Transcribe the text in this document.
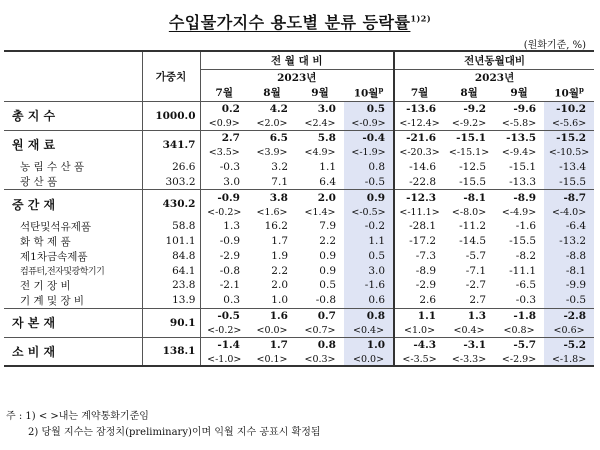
수입물가지수 용도별 분류 등락률$^{1)2)}$
(원화기준, %)
	가중치	전 월 대 비				전년동월대비			
		2023년				2023년			
		7월	8월	9월	10월$^p$	7월	8월	9월	10월$^p$
총 지 수	1000.0	0.2	4.2	3.0	0.5	-13.6	-9.2	-9.6	-10.2
		<0.9>	<2.0>	<2.4>	<-0.9>	<-12.4>	<-9.2>	<-5.8>	<-5.6>
원 재 료	341.7	2.7	6.5	5.8	-0.4	-21.6	-15.1	-13.5	-15.2
		<3.5>	<3.9>	<4.9>	<-1.9>	<-20.3>	<-15.1>	<-9.4>	<-10.5>
농 림 수 산 품	26.6	-0.3	3.2	1.1	0.8	-14.6	-12.5	-15.1	-13.4
광 산 품	303.2	3.0	7.1	6.4	-0.5	-22.8	-15.5	-13.3	-15.5
중 간 재	430.2	-0.9	3.8	2.0	0.9	-12.3	-8.1	-8.9	-8.7
		<-0.2>	<1.6>	<1.4>	<-0.5>	<-11.1>	<-8.0>	<-4.9>	<-4.0>
석탄및석유제품	58.8	1.3	16.2	7.9	-0.2	-28.1	-11.2	-1.6	-6.4
화 학 제 품	101.1	-0.9	1.7	2.2	1.1	-17.2	-14.5	-15.5	-13.2
제1차금속제품	84.8	-2.9	1.9	0.9	0.5	-7.3	-5.7	-8.2	-8.8
컴퓨터,전자및광학기기	64.1	-0.8	2.2	0.9	3.0	-8.9	-7.1	-11.1	-8.1
전 기 장 비	23.8	-2.1	2.0	0.5	-1.6	-2.9	-2.7	-6.5	-9.9
기 계 및 장 비	13.9	0.3	1.0	-0.8	0.6	2.6	2.7	-0.3	-0.5
자 본 재	90.1	-0.5	1.6	0.7	0.8	1.1	1.3	-1.8	-2.8
		<-0.2>	<0.0>	<0.7>	<0.4>	<1.0>	<0.4>	<0.8>	<0.6>
소 비 재	138.1	-1.4	1.7	0.8	1.0	-4.3	-3.1	-5.7	-5.2
		<-1.0>	<0.1>	<0.3>	<0.0>	<-3.5>	<-3.3>	<-2.9>	<-1.8>
주 : 1) < >내는 계약통화기준임
2) 당월 지수는 잠정치(preliminary)이며 익월 지수 공표시 확정됨
